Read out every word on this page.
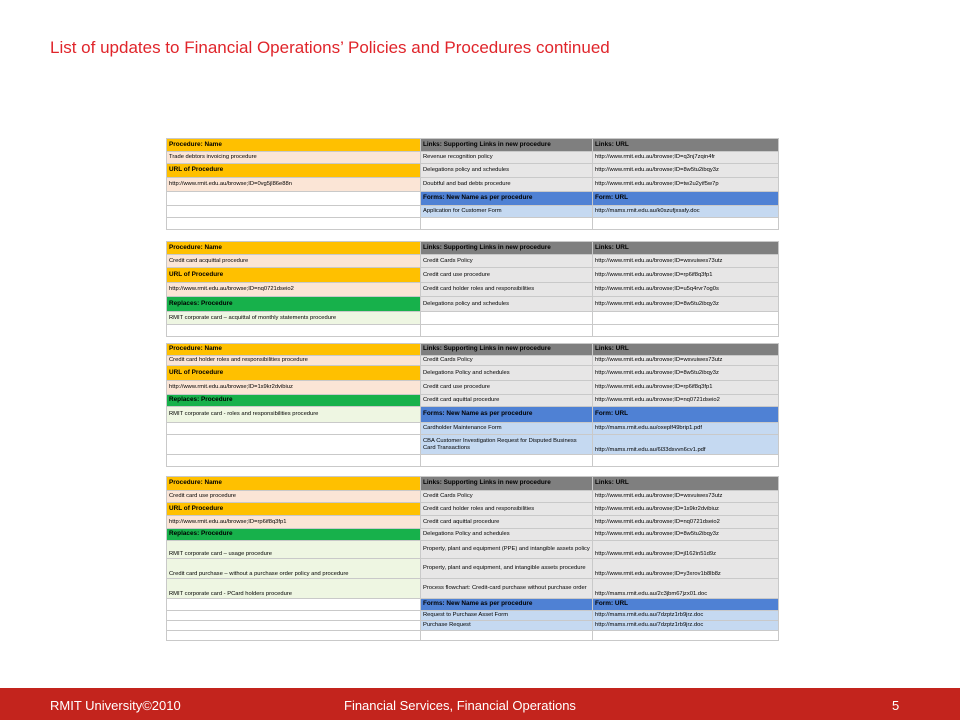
List of updates to Financial Operations’ Policies and Procedures continued
Procedure: Name	Links: Supporting Links in new procedure	Links: URL
Trade debtors invoicing procedure	Revenue recognition policy	http://www.rmit.edu.au/browse;ID=q3nj7zqin4fr
URL of Procedure	Delegations policy and schedules	http://www.rmit.edu.au/browse;ID=8w5tu2ibqy3z
http://www.rmit.edu.au/browse;ID=0vg5jl86e88n	Doubtful and bad debts procedure	http://www.rmit.edu.au/browse;ID=tw2u2yif5w7p
	Forms: New Name as per procedure	Form: URL
	Application for Customer Form	http://mams.rmit.edu.au/k0szufjxsafy.doc

Procedure: Name	Links: Supporting Links in new procedure	Links: URL
Credit card acquittal procedure	Credit Cards Policy	http://www.rmit.edu.au/browse;ID=wsvuiwes73utz
URL of Procedure	Credit card use procedure	http://www.rmit.edu.au/browse;ID=rp6if8q3fp1
http://www.rmit.edu.au/browse;ID=nq0721dseio2	Credit card holder roles and responsibilities	http://www.rmit.edu.au/browse;ID=u5q4rvr7og0s
Replaces: Procedure	Delegations policy and schedules	http://www.rmit.edu.au/browse;ID=8w5tu2ibqy3z
RMIT corporate card – acquittal of monthly statements procedure		

Procedure: Name	Links: Supporting Links in new procedure	Links: URL
Credit card holder roles and responsibilities procedure	Credit Cards Policy	http://www.rmit.edu.au/browse;ID=wsvuiwes73utz
URL of Procedure	Delegations Policy and schedules	http://www.rmit.edu.au/browse;ID=8w5tu2ibqy3z
http://www.rmit.edu.au/browse;ID=1s9kr2dvibiuz	Credit card use procedure	http://www.rmit.edu.au/browse;ID=rp6if8q3fp1
Replaces: Procedure	Credit card aquittal procedure	http://www.rmit.edu.au/browse;ID=nq0721dseio2
RMIT corporate card - roles and responsibilities procedure	Forms: New Name as per procedure	Form: URL
	Cardholder Maintenance Form	http://mams.rmit.edu.au/oxeplf49brip1.pdf
	CBA Customer Investigation Request for Disputed Business Card Transactions	http://mams.rmit.edu.au/6l33dsvvn6cv1.pdf

Procedure: Name	Links: Supporting Links in new procedure	Links: URL
Credit card use procedure	Credit Cards Policy	http://www.rmit.edu.au/browse;ID=wsvuiwes73utz
URL of Procedure	Credit card holder roles and responsibilities	http://www.rmit.edu.au/browse;ID=1s9kr2dvibiuz
http://www.rmit.edu.au/browse;ID=rp6if8q3fp1	Credit card aquittal procedure	http://www.rmit.edu.au/browse;ID=nq0721dseio2
Replaces: Procedure	Delegations Policy and schedules	http://www.rmit.edu.au/browse;ID=8w5tu2ibqy3z
RMIT corporate card – usage procedure	Property, plant and equipment (PPE) and intangible assets policy	http://www.rmit.edu.au/browse;ID=jl162in51d9z
Credit card purchase – without a purchase order policy and procedure	Property, plant and equipment, and intangible assets procedure	http://www.rmit.edu.au/browse;ID=y3xrov1b8lb8z
RMIT corporate card - PCard holders procedure	Process flowchart: Credit-card purchase without purchase order	http://mams.rmit.edu.au/2c3jbm67jzx01.doc
	Forms: New Name as per procedure	Form: URL
	Request to Purchase Asset Form	http://mams.rmit.edu.au/7dzptz1rb9jrz.doc
	Purchase Request	http://mams.rmit.edu.au/7dzptz1rb9jrz.doc

RMIT University©2010	Financial Services, Financial Operations	5
